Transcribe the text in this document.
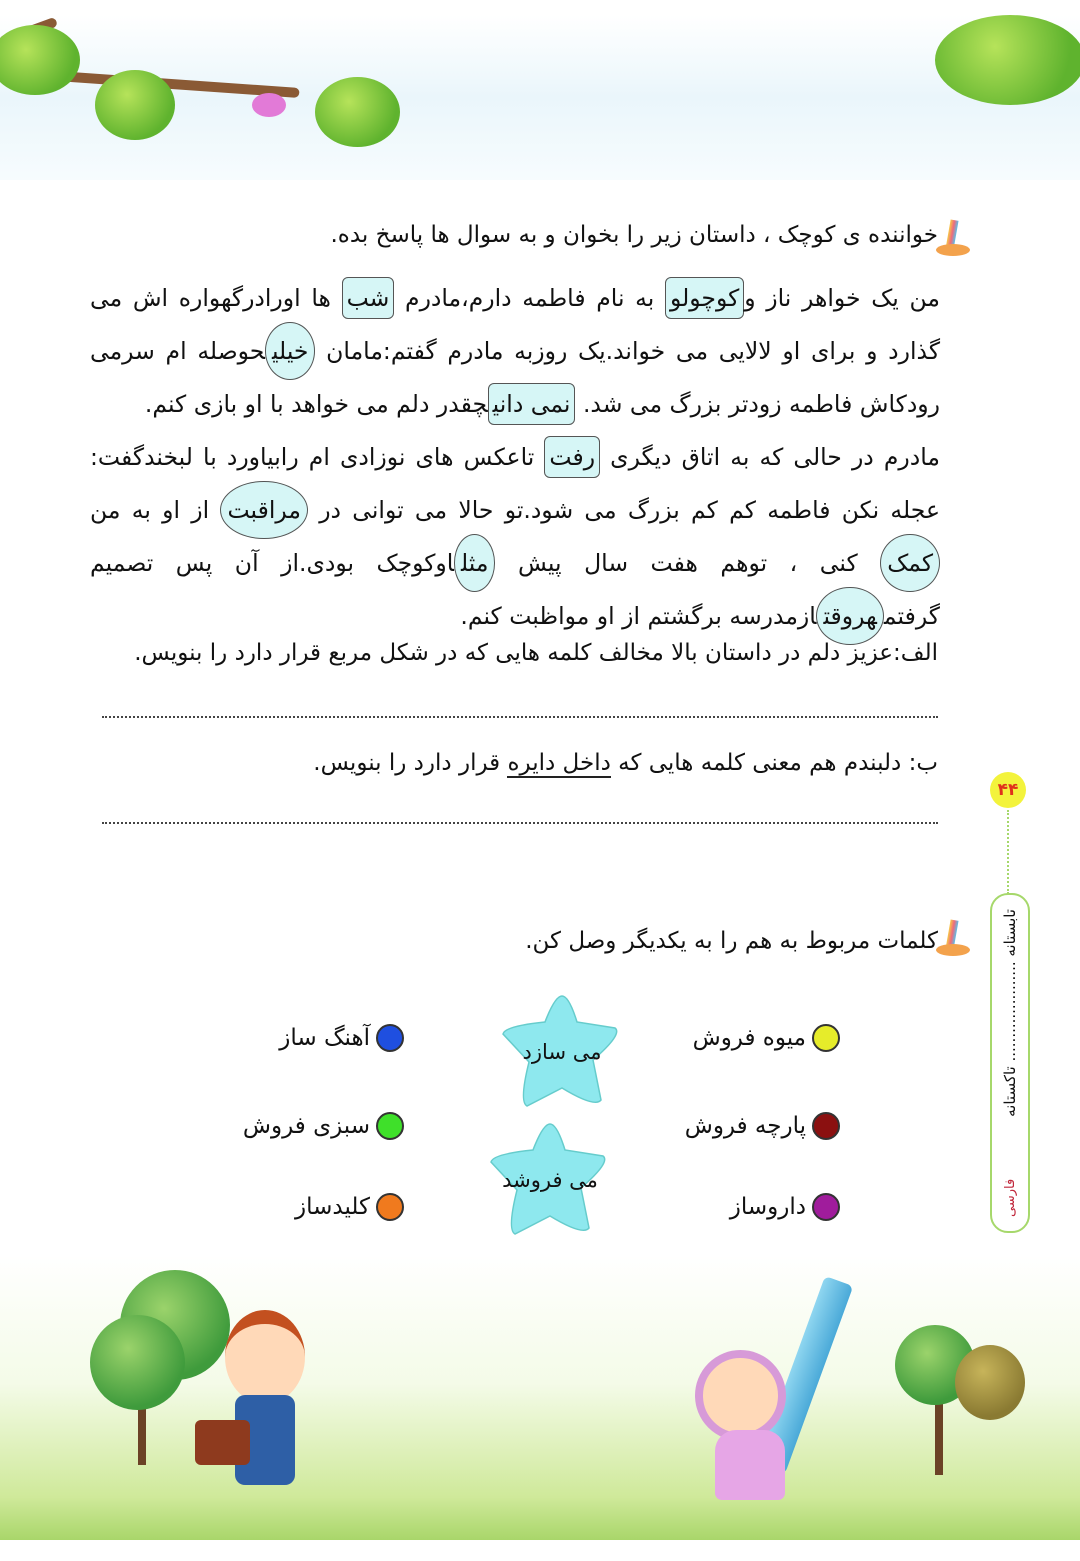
خواننده ی کوچک ، داستان زیر را بخوان و به سوال ها پاسخ بده.

من یک خواهر ناز وکوچولو به نام فاطمه دارم،مادرم شب ها اورادرگهواره اش می گذارد و برای او لالایی می خواند.یک روزبه مادرم گفتم:مامان خیلیحوصله ام سرمی رودکاش فاطمه زودتر بزرگ می شد. نمی دانیچقدر دلم می خواهد با او بازی کنم.

مادرم در حالی که به اتاق دیگری رفت تاعکس های نوزادی ام رابیاورد با لبخندگفت: عجله نکن فاطمه کم کم بزرگ می شود.تو حالا می توانی در مراقبت از او به من کمک کنی ، توهم هفت سال پیش مثلاوکوچک بودی.از آن پس تصمیم گرفتمهروقتازمدرسه برگشتم از او مواظبت کنم.

الف:عزیز دلم در داستان بالا مخالف کلمه هایی که در شکل مربع قرار دارد را بنویس.
ب: دلبندم هم معنی کلمه هایی که داخل دایره قرار دارد را بنویس.
۴۴
تابستانه ..................... تاکستانه
فارسی
کلمات مربوط به هم را به یکدیگر وصل کن.
میوه فروش
پارچه فروش
داروساز
آهنگ ساز
سبزی فروش
کلیدساز
می سازد
می فروشد
